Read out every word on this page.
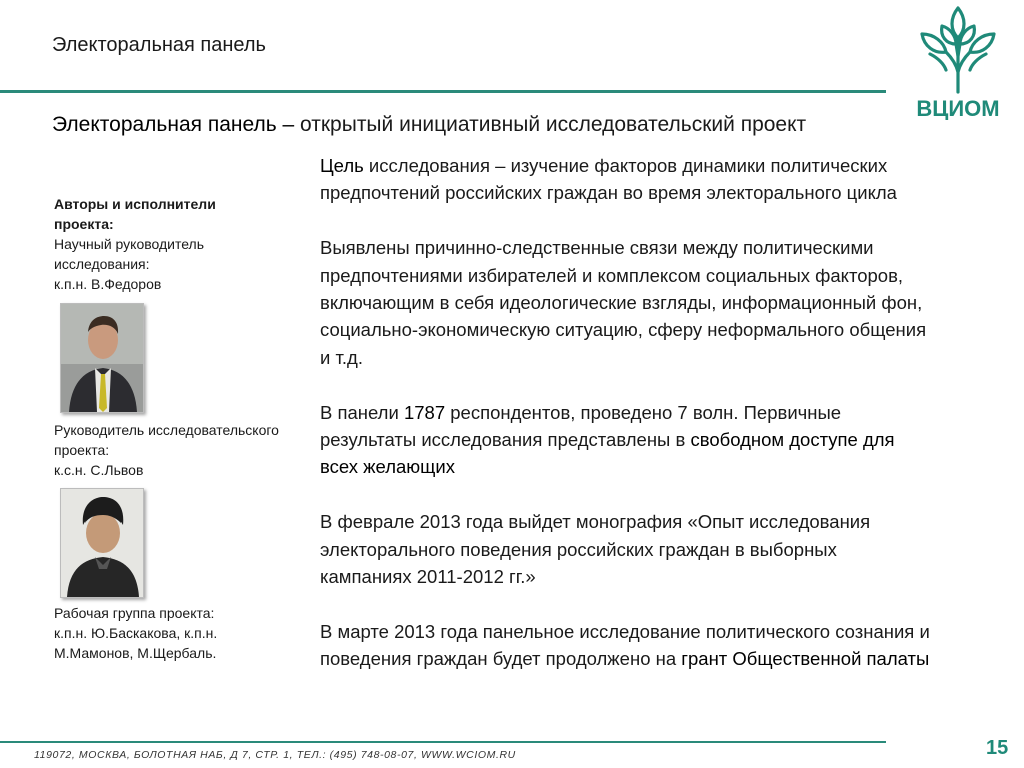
Электоральная панель
ВЦИОМ
Электоральная панель – открытый инициативный исследовательский проект
Авторы и исполнители проекта:
Научный руководитель исследования:
к.п.н. В.Федоров
Руководитель исследовательского проекта:
к.с.н. С.Львов
Рабочая группа проекта:
к.п.н. Ю.Баскакова, к.п.н. М.Мамонов, М.Щербаль.

Цель исследования – изучение факторов динамики политических предпочтений российских граждан во время электорального цикла

Выявлены причинно-следственные связи между политическими предпочтениями избирателей и комплексом социальных факторов, включающим в себя идеологические взгляды, информационный фон, социально-экономическую ситуацию, сферу неформального общения и т.д.

В панели 1787 респондентов, проведено 7 волн. Первичные результаты исследования представлены в свободном доступе для всех желающих

В феврале 2013 года выйдет монография «Опыт исследования электорального поведения российских граждан в выборных кампаниях 2011-2012 гг.»

В марте 2013 года панельное исследование политического сознания и поведения граждан будет продолжено на грант Общественной палаты

119072, МОСКВА, БОЛОТНАЯ НАБ, Д 7, СТР. 1, ТЕЛ.: (495) 748-08-07, WWW.WCIOM.RU	15
